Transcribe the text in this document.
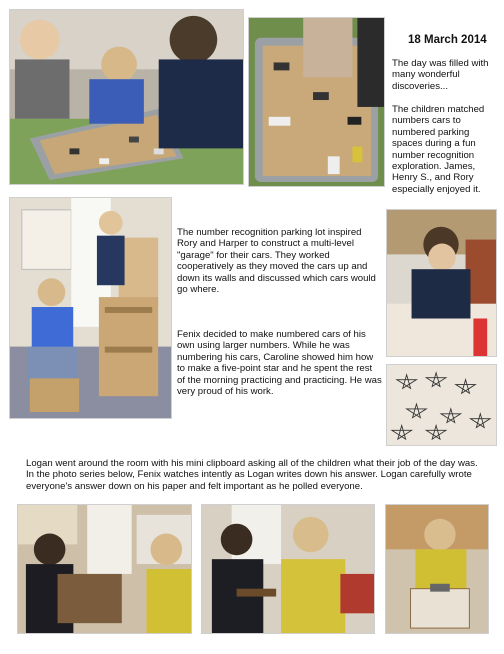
18 March 2014

The day was filled with many wonderful discoveries...

The children matched numbers cars to numbered parking spaces during a fun number recognition exploration. James, Henry S., and Rory especially enjoyed it.

The number recognition parking lot inspired Rory and Harper to construct a multi-level "garage" for their cars. They worked cooperatively as they moved the cars up and down its walls and discussed which cars would go where.

Fenix decided to make numbered cars of his own using larger numbers. While he was numbering his cars, Caroline showed him how to make a five-point star and he spent the rest of the morning practicing and practicing. He was very proud of his work.

Logan went around the room with his mini clipboard asking all of the children what their job of the day was. In the photo series below, Fenix watches intently as Logan writes down his answer. Logan carefully wrote everyone's answer down on his paper and felt important as he polled everyone.
